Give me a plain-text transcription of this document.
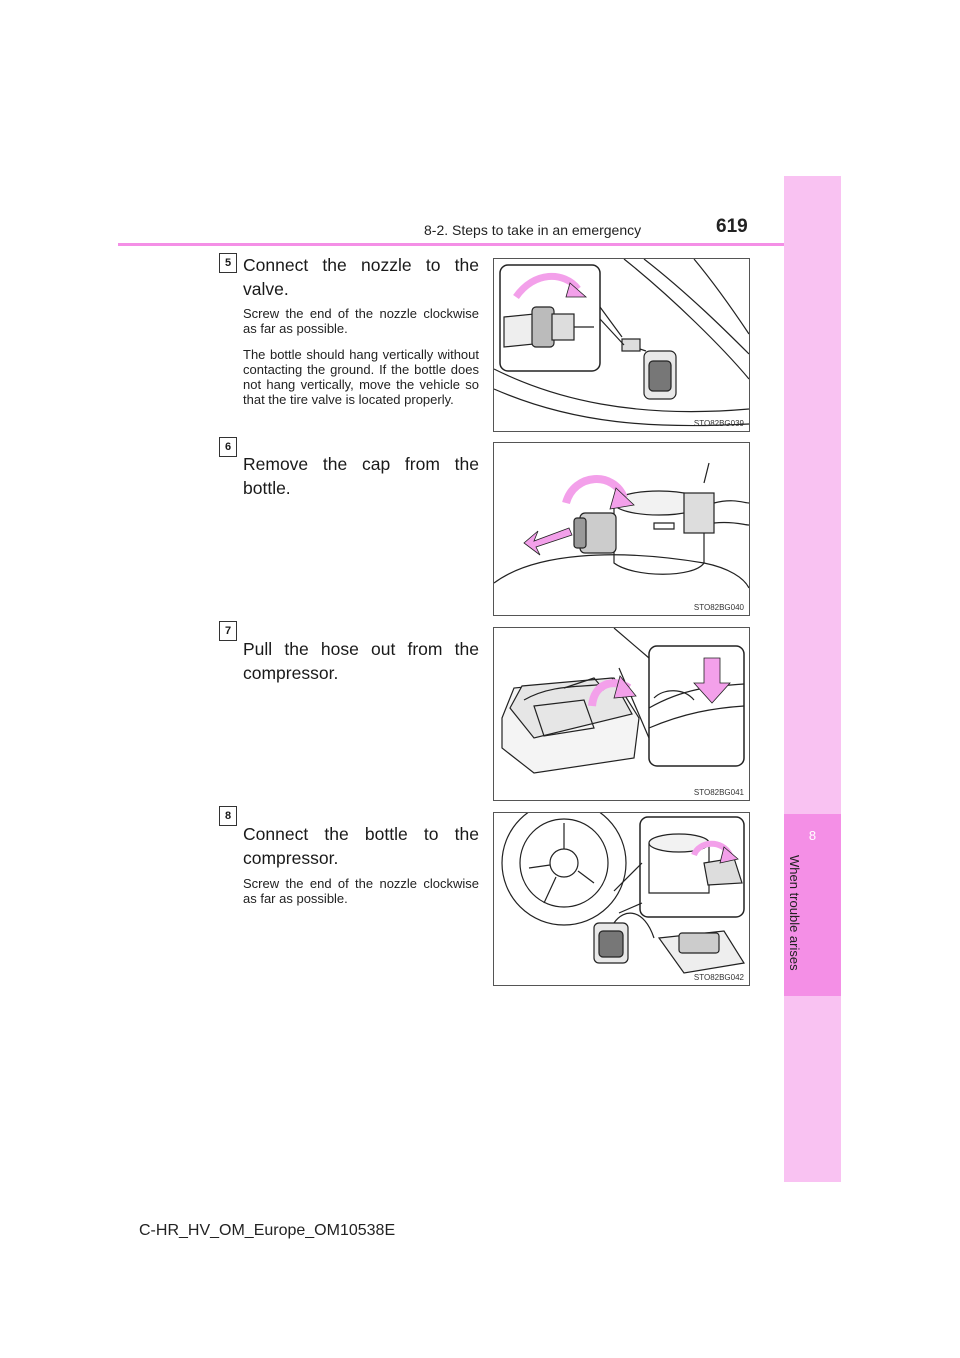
8
When trouble arises
8-2. Steps to take in an emergency	619
5 Connect the nozzle to the valve.
Screw the end of the nozzle clockwise as far as possible.
The bottle should hang vertically without contacting the ground. If the bottle does not hang vertically, move the vehicle so that the tire valve is located properly.
STO82BG039
6
Remove the cap from the bottle.
STO82BG040
7
Pull the hose out from the compressor.
STO82BG041
8
Connect the bottle to the compressor.
Screw the end of the nozzle clockwise as far as possible.
STO82BG042
C-HR_HV_OM_Europe_OM10538E
